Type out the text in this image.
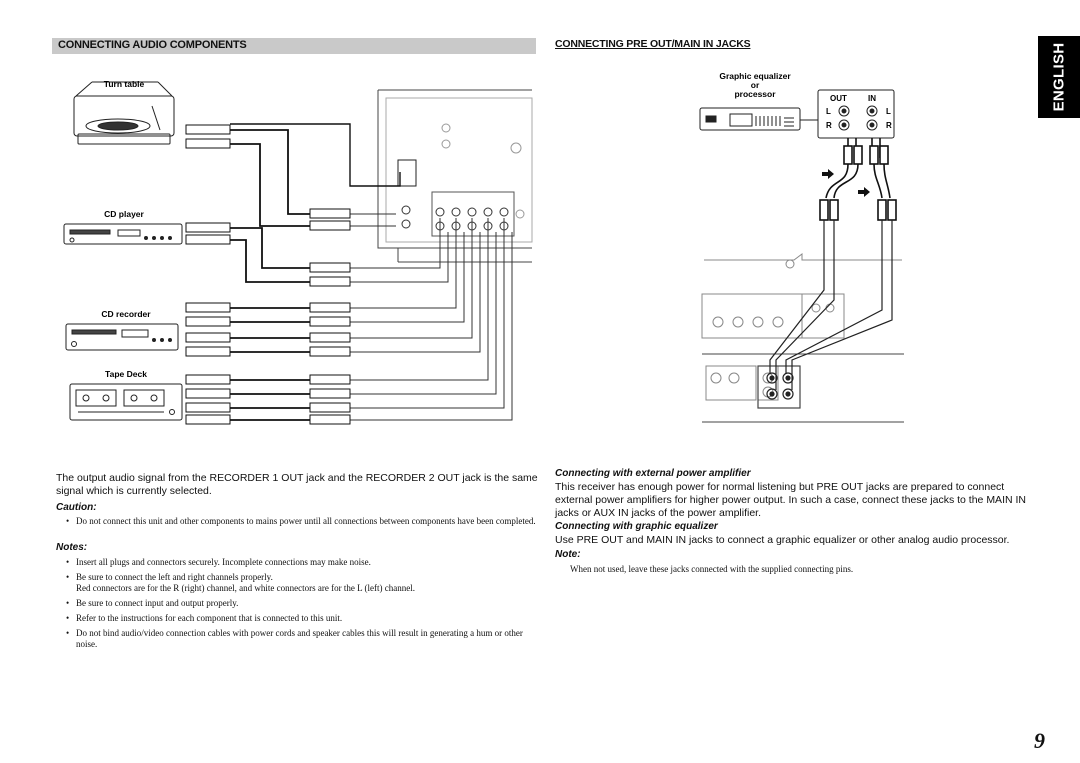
CONNECTING AUDIO COMPONENTS	CONNECTING PRE OUT/MAIN IN JACKS	ENGLISH
Turn table
CD player
CD recorder
Tape Deck
OUT	IN
L	L
R	R
Graphic equalizer
or
processor
The output audio signal from the RECORDER 1 OUT jack and the RECORDER 2 OUT jack is the same signal which is currently selected.
Caution:
• Do not connect this unit and other components to mains power until all connections between components have been completed.
Notes:
• Insert all plugs and connectors securely. Incomplete connections may make noise.
• Be sure to connect the left and right channels properly.
Red connectors are for the R (right) channel, and white connectors are for the L (left) channel.
• Be sure to connect input and output properly.
• Refer to the instructions for each component that is connected to this unit.
• Do not bind audio/video connection cables with power cords and speaker cables this will result in generating a hum or other noise.
Connecting with external power amplifier
This receiver has enough power for normal listening but PRE OUT jacks are prepared to connect external power amplifiers for higher power output. In such a case, connect these jacks to the MAIN IN jacks or AUX IN jacks of the power amplifier.
Connecting with graphic equalizer
Use PRE OUT and MAIN IN jacks to connect a graphic equalizer or other analog audio processor.
Note:
When not used, leave these jacks connected with the supplied connecting pins.
9
